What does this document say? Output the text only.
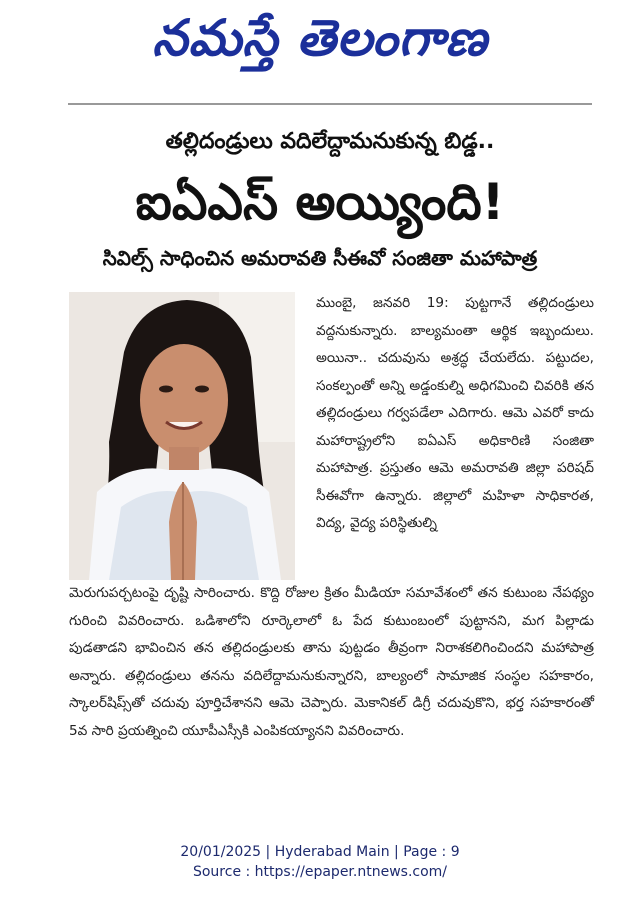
నమస్తే తెలంగాణ
తల్లిదండ్రులు వదిలేద్దామనుకున్న బిడ్డ..
ఐఏఎస్ అయ్యింది!
సివిల్స్ సాధించిన అమరావతి సీఈవో సంజితా మహాపాత్ర

ముంబై, జనవరి 19: పుట్టగానే తల్లిదండ్రులు వద్దనుకున్నారు. బాల్యమంతా ఆర్థిక ఇబ్బందులు. అయినా.. చదువును అశ్రద్ధ చేయలేదు. పట్టుదల, సంకల్పంతో అన్ని అడ్డంకుల్ని అధిగమించి చివరికి తన తల్లిదండ్రులు గర్వపడేలా ఎదిగారు. ఆమె ఎవరో కాదు మహారాష్ట్రలోని ఐఏఎస్ అధికారిణి సంజితా మహాపాత్ర. ప్రస్తుతం ఆమె అమరావతి జిల్లా పరిషద్ సీఈవోగా ఉన్నారు. జిల్లాలో మహిళా సాధికారత, విద్య, వైద్య పరిస్థితుల్ని

మెరుగుపర్చటంపై దృష్టి సారించారు. కొద్ది రోజుల క్రితం మీడియా సమావేశంలో తన కుటుంబ నేపథ్యం గురించి వివరించారు. ఒడిశాలోని రూర్కెలాలో ఓ పేద కుటుంబంలో పుట్టానని, మగ పిల్లాడు పుడతాడని భావించిన తన తల్లిదండ్రులకు తాను పుట్టడం తీవ్రంగా నిరాశకలిగించిందని మహాపాత్ర అన్నారు. తల్లిదండ్రులు తనను వదిలేద్దామనుకున్నారని, బాల్యంలో సామాజిక సంస్థల సహకారం, స్కాలర్‌షిప్స్‌తో చదువు పూర్తిచేశానని ఆమె చెప్పారు. మెకానికల్ డిగ్రీ చదువుకొని, భర్త సహకారంతో 5వ సారి ప్రయత్నించి యూపీఎస్సీకి ఎంపికయ్యానని వివరించారు.

20/01/2025 | Hyderabad Main | Page : 9
Source : https://epaper.ntnews.com/
